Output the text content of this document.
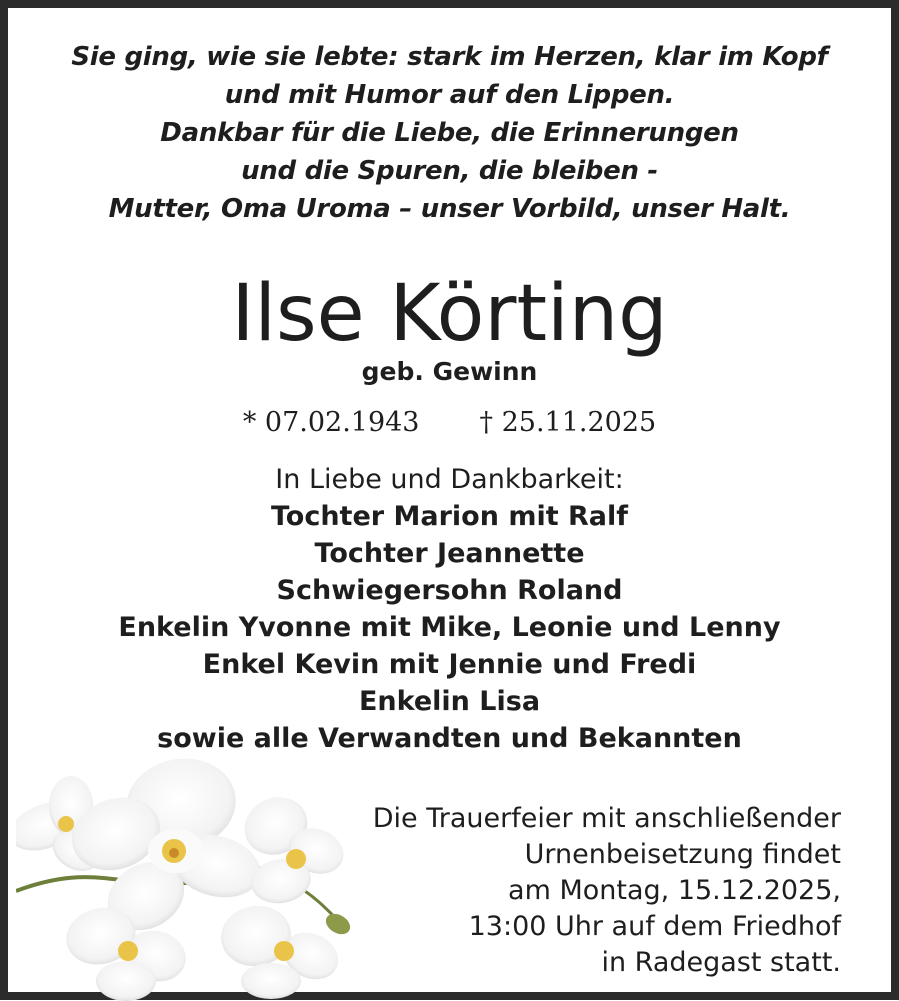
Sie ging, wie sie lebte: stark im Herzen, klar im Kopf
und mit Humor auf den Lippen.
Dankbar für die Liebe, die Erinnerungen
und die Spuren, die bleiben -
Mutter, Oma Uroma – unser Vorbild, unser Halt.
Ilse Körting
geb. Gewinn
* 07.02.1943 † 25.11.2025
In Liebe und Dankbarkeit:
Tochter Marion mit Ralf
Tochter Jeannette
Schwiegersohn Roland
Enkelin Yvonne mit Mike, Leonie und Lenny
Enkel Kevin mit Jennie und Fredi
Enkelin Lisa
sowie alle Verwandten und Bekannten
Die Trauerfeier mit anschließender
Urnenbeisetzung findet
am Montag, 15.12.2025,
13:00 Uhr auf dem Friedhof
in Radegast statt.
